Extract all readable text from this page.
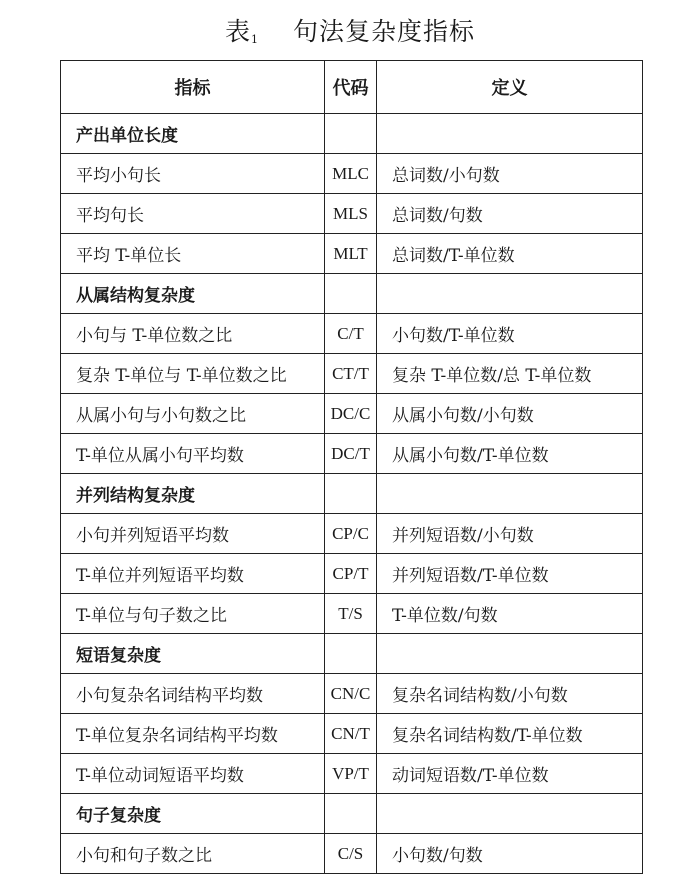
表1 句法复杂度指标
指标	代码	定义
产出单位长度		
平均小句长	MLC	总词数/小句数
平均句长	MLS	总词数/句数
平均 T-单位长	MLT	总词数/T-单位数
从属结构复杂度		
小句与 T-单位数之比	C/T	小句数/T-单位数
复杂 T-单位与 T-单位数之比	CT/T	复杂 T-单位数/总 T-单位数
从属小句与小句数之比	DC/C	从属小句数/小句数
T-单位从属小句平均数	DC/T	从属小句数/T-单位数
并列结构复杂度		
小句并列短语平均数	CP/C	并列短语数/小句数
T-单位并列短语平均数	CP/T	并列短语数/T-单位数
T-单位与句子数之比	T/S	T-单位数/句数
短语复杂度		
小句复杂名词结构平均数	CN/C	复杂名词结构数/小句数
T-单位复杂名词结构平均数	CN/T	复杂名词结构数/T-单位数
T-单位动词短语平均数	VP/T	动词短语数/T-单位数
句子复杂度		
小句和句子数之比	C/S	小句数/句数
